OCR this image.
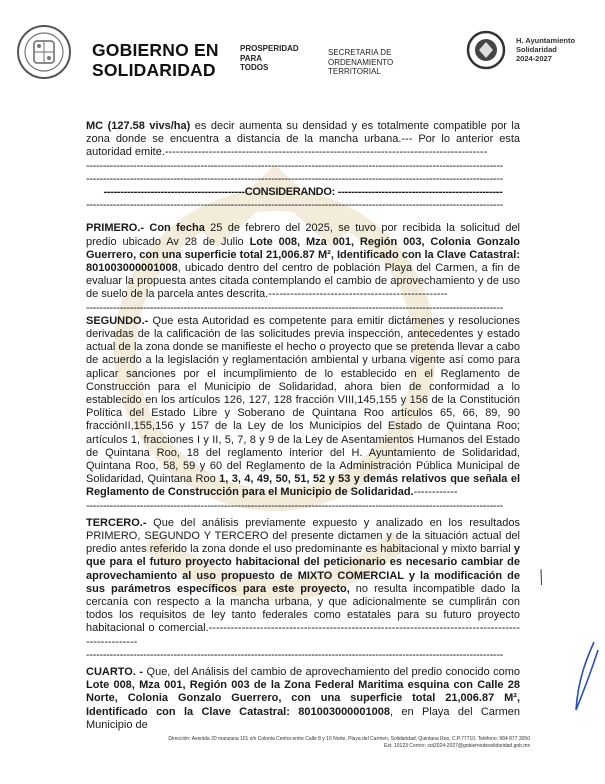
GOBIERNO EN
SOLIDARIDAD
PROSPERIDAD
PARA
TODOS
SECRETARIA DE
ORDENAMIENTO
TERRITORIAL
H. Ayuntamiento
Solidaridad
2024-2027

MC (127.58 vivs/ha) es decir aumenta su densidad y es totalmente compatible por la zona donde se encuentra a distancia de la mancha urbana.--- Por lo anterior esta autoridad emite.----------------------------------------------------------------------------------------

----------------------------------------------------------------------------------------------------------------------------
----------------------------------------------------------------------------------------------------------------------------
------------------------------------------CONSIDERANDO: -------------------------------------------------
----------------------------------------------------------------------------------------------------------------------------

PRIMERO.- Con fecha 25 de febrero del 2025, se tuvo por recibida la solicitud del predio ubicado Av 28 de Julio Lote 008, Mza 001, Región 003, Colonia Gonzalo Guerrero, con una superficie total 21,006.87 M², Identificado con la Clave Catastral: 801003000001008, ubicado dentro del centro de población Playa del Carmen, a fin de evaluar la propuesta antes citada contemplando el cambio de aprovechamiento y de uso de suelo de la parcela antes descrita.-------------------------------------------------

----------------------------------------------------------------------------------------------------------------------------

SEGUNDO.- Que esta Autoridad es competente para emitir dictámenes y resoluciones derivadas de la calificación de las solicitudes previa inspección, antecedentes y estado actual de la zona donde se manifieste el hecho o proyecto que se pretenda llevar a cabo de acuerdo a la legislación y reglamentación ambiental y urbana vigente así como para aplicar sanciones por el incumplimiento de lo establecido en el Reglamento de Construcción para el Municipio de Solidaridad, ahora bien de conformidad a lo establecido en los artículos 126, 127, 128 fracción VIII,145,155 y 156 de la Constitución Política del Estado Libre y Soberano de Quintana Roo artículos 65, 66, 89, 90 fracciónII,155,156 y 157 de la Ley de los Municipios del Estado de Quintana Roo; artículos 1, fracciones I y II, 5, 7, 8 y 9 de la Ley de Asentamientos Humanos del Estado de Quintana Roo, 18 del reglamento interior del H. Ayuntamiento de Solidaridad, Quintana Roo, 58, 59 y 60 del Reglamento de la Administración Pública Municipal de Solidaridad, Quintana Roo 1, 3, 4, 49, 50, 51, 52 y 53 y demás relativos que señala el Reglamento de Construcción para el Municipio de Solidaridad.------------

----------------------------------------------------------------------------------------------------------------------------

TERCERO.- Que del análisis previamente expuesto y analizado en los resultados PRIMERO, SEGUNDO Y TERCERO del presente dictamen y de la situación actual del predio antes referido la zona donde el uso predominante es habitacional y mixto barrial y que para el futuro proyecto habitacional del peticionario es necesario cambiar de aprovechamiento al uso propuesto de MIXTO COMERCIAL y la modificación de sus parámetros específicos para este proyecto, no resulta incompatible dado la cercanía con respecto a la mancha urbana, y que adicionalmente se cumplirán con todos los requisitos de ley tanto federales como estatales para su futuro proyecto habitacional o comercial.---------------------------------------------------------------------------------------------------

----------------------------------------------------------------------------------------------------------------------------

CUARTO. - Que, del Análisis del cambio de aprovechamiento del predio conocido como Lote 008, Mza 001, Región 003 de la Zona Federal Maritima esquina con Calle 28 Norte, Colonia Gonzalo Guerrero, con una superficie total 21,006.87 M², Identificado con la Clave Catastral: 801003000001008, en Playa del Carmen Municipio de

Dirección: Avenida 20 manzana 101 s/n Colonia Centro entre Calle 8 y 10 Norte, Playa del Carmen, Solidaridad, Quintana Roo, C.P.77710. Teléfono: 984 877 3050
Ext. 10123 Correo: sot2024-2027@gobiernodesolidaridad.gob.mx
